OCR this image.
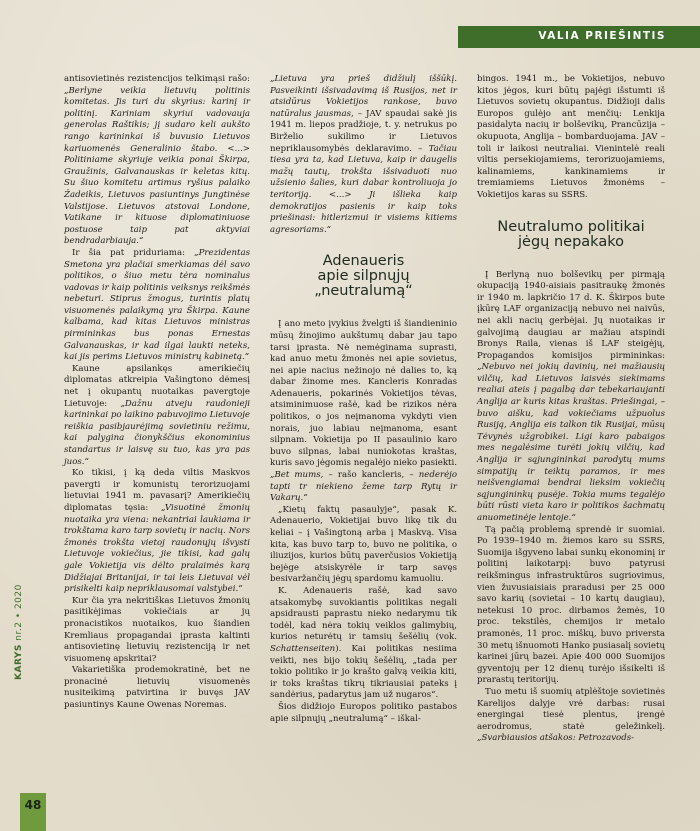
VALIA PRIEŠINTIS
KARYS nr.2 • 2020
48

antisovietinės rezistencijos telkimąsi rašo: „Berlyne veikia lietuvių politinis komitetas. Jis turi du skyrius: karinį ir politinį. Kariniam skyriui vadovauja generolas Raštikis; jį sudaro keli aukšto rango karininkai iš buvusio Lietuvos kariuomenės Generalinio štabo. <...> Politiniame skyriuje veikia ponai Škirpa, Graužinis, Galvanauskas ir keletas kitų. Su šiuo komitetu artimus ryšius palaiko Žadeikis, Lietuvos pasiuntinys Jungtinėse Valstijose. Lietuvos atstovai Londone, Vatikane ir kituose diplomatiniuose postuose taip pat aktyviai bendradarbiauja.“

Ir šia pat priduriama: „Prezidentas Smetona yra plačiai smerkiamas dėl savo politikos, o šiuo metu tėra nominalus vadovas ir kaip politinis veiksnys reikšmės nebeturi. Stiprus žmogus, turintis platų visuomenės palaikymą yra Škirpa. Kaune kalbama, kad kitas Lietuvos ministras pirmininkas bus ponas Ernestas Galvanauskas, ir kad ilgai laukti neteks, kai jis perims Lietuvos ministrų kabinetą.“

Kaune apsilankęs amerikiečių diplomatas atkreipia Vašingtono dėmesį net į okupantų nuotaikas pavergtoje Lietuvoje: „Dažnu atveju raudonieji karininkai po laikino pabuvojimo Lietuvoje reiškia pasibjaurėjimą sovietiniu režimu, kai palygina čionykščius ekonominius standartus ir laisvę su tuo, kas yra pas juos.“

Ko tikisi, į ką deda viltis Maskvos pavergti ir komunistų terorizuojami lietuviai 1941 m. pavasarį? Amerikiečių diplomatas tęsia: „Visuotinė žmonių nuotaika yra viena: nekantriai laukiama ir trokštama karo tarp sovietų ir nacių. Nors žmonės trokšta vietoj raudonųjų išvysti Lietuvoje vokiečius, jie tikisi, kad galų gale Vokietija vis dėlto pralaimės karą Didžiajai Britanijai, ir tai leis Lietuvai vėl prisikelti kaip nepriklausomai valstybei.“

Kur čia yra nekritiškas Lietuvos žmonių pasitikėjimas vokiečiais ar jų pronacistikos nuotaikos, kuo šiandien Kremliaus propagandai įprasta kaltinti antisovietinę lietuvių rezistenciją ir net visuomenę apskritai?

Vakarietiška prodemokratinė, bet ne pronacinė lietuvių visuomenės nusiteikimą patvirtina ir buvęs JAV pasiuntinys Kaune Owenas Noremas.

„Lietuva yra prieš didžiulį iššūkį. Pasveikinti išsivadavimą iš Rusijos, net ir atsidūrus Vokietijos rankose, buvo natūralus jausmas, – JAV spaudai sakė jis 1941 m. liepos pradžioje, t. y. netrukus po Birželio sukilimo ir Lietuvos nepriklausomybės deklaravimo. – Tačiau tiesa yra ta, kad Lietuva, kaip ir daugelis mažų tautų, trokšta išsivaduoti nuo užsienio šalies, kuri dabar kontroliuoja jo teritoriją. <...> Ji išlieka kaip demokratijos pasienis ir kaip toks priešinasi: hitlerizmui ir visiems kitiems agresoriams.“

Adenaueris
apie silpnųjų
„neutralumą“

Į ano meto įvykius žvelgti iš šiandieninio mūsų žinojimo aukštumų dabar jau tapo tarsi įprasta. Nė nemėginama suprasti, kad anuo metu žmonės nei apie sovietus, nei apie nacius nežinojo nė dalies to, ką dabar žinome mes. Kancleris Konradas Adenaueris, pokarinės Vokietijos tėvas, atsiminimuose rašė, kad be rizikos nėra politikos, o jos neįmanoma vykdyti vien norais, juo labiau neįmanoma, esant silpnam. Vokietija po II pasaulinio karo buvo silpnas, labai nuniokotas kraštas, kuris savo jėgomis negalėjo nieko pasiekti. „Bet mums, – rašo kancleris, – nederėjo tapti tr niekieno žeme tarp Rytų ir Vakarų.“

„Kietų faktų pasaulyje“, pasak K. Adenauerio, Vokietijai buvo likę tik du keliai – į Vašingtoną arba į Maskvą. Visa kita, kas buvo tarp to, buvo ne politika, o iliuzijos, kurios būtų paverčusios Vokietiją bejėge atsiskyrėle ir tarp savęs besivaržančių jėgų spardomu kamuoliu.

K. Adenaueris rašė, kad savo atsakomybę suvokiantis politikas negali apsidrausti paprastu nieko nedarymu tik todėl, kad nėra tokių veiklos galimybių, kurios neturėtų ir tamsių šešėlių (vok. Schattenseiten). Kai politikas nesiima veikti, nes bijo tokių šešėlių, „tada per tokio politiko ir jo krašto galvą veikia kiti, ir toks kraštas tikrų tikriausiai pateks į sandėrius, padarytus jam už nugaros“.

Šios didžiojo Europos politiko pastabos apie silpnųjų „neutralumą“ – iškal-

bingos. 1941 m., be Vokietijos, nebuvo kitos jėgos, kuri būtų pajėgi išstumti iš Lietuvos sovietų okupantus. Didžioji dalis Europos gulėjo ant menčių: Lenkija pasidalyta nacių ir bolševikų, Prancūzija – okupuota, Anglija – bombarduojama. JAV – toli ir laikosi neutraliai. Vienintelė reali viltis persekiojamiems, terorizuojamiems, kalinamiems, kankinamiems ir tremiamiems Lietuvos žmonėms – Vokietijos karas su SSRS.

Neutralumo politikai
jėgų nepakako

Į Berlyną nuo bolševikų per pirmąją okupaciją 1940-aisiais pasitraukę žmonės ir 1940 m. lapkričio 17 d. K. Škirpos bute įkūrę LAF organizaciją nebuvo nei naivūs, nei akli nacių gerbėjai. Jų nuotaikas ir galvojimą daugiau ar mažiau atspindi Bronys Raila, vienas iš LAF steigėjų, Propagandos komisijos pirmininkas: „Nebuvo nei jokių davinių, nei mažiausių vilčių, kad Lietuvos laisvės siekimams realiai ateis į pagalbą dar tebekariaujanti Anglija ar kuris kitas kraštas. Priešingai, – buvo aišku, kad vokiečiams užpuolus Rusiją, Anglija eis talkon tik Rusijai, mūsų Tėvynės užgrobikei. Ligi karo pabaigos mes negalėsime turėti jokių vilčių, kad Anglija ir sąjungininkai parodytų mums simpatijų ir teiktų paramos, ir mes neišvengiamai bendrai lieksim vokiečių sąjungininkų pusėje. Tokia mums tegalėjo būti rūsti vieta karo ir politikos šachmatų anuometinėje lentoje.“

Tą pačią problemą sprendė ir suomiai. Po 1939–1940 m. žiemos karo su SSRS, Suomija išgyveno labai sunkų ekonominį ir politinį laikotarpį: buvo patyrusi reikšmingus infrastruktūros sugriovimus, vien žuvusiaisiais praradusi per 25 000 savo karių (sovietai – 10 kartų daugiau), netekusi 10 proc. dirbamos žemės, 10 proc. tekstilės, chemijos ir metalo pramonės, 11 proc. miškų, buvo priversta 30 metų išnuomoti Hanko pusiasalį sovietų karinei jūrų bazei. Apie 400 000 Suomijos gyventojų per 12 dienų turėjo išsikelti iš prarastų teritorijų.

Tuo metu iš suomių atplėštoje sovietinės Karelijos dalyje vrė darbas: rusai energingai tiesė plentus, įrengė aerodromus, statė geležinkelį. „Svarbiausios atšakos: Petrozavods-
